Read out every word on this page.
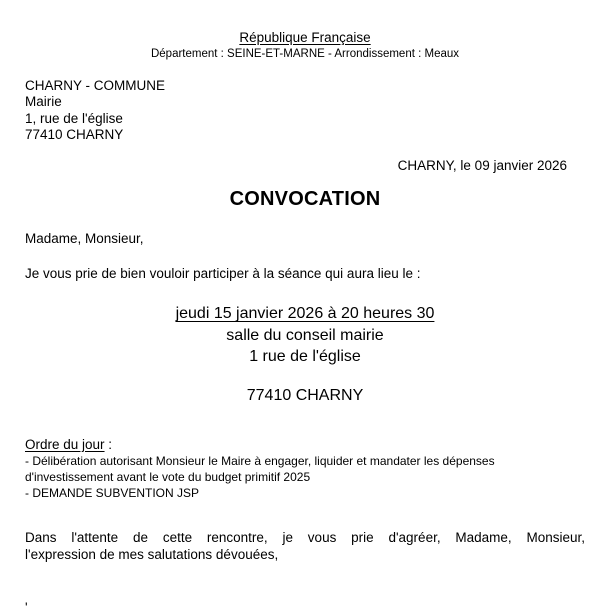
République Française
Département : SEINE-ET-MARNE - Arrondissement : Meaux
CHARNY - COMMUNE
Mairie
1, rue de l'église
77410 CHARNY
CHARNY, le 09 janvier 2026
CONVOCATION
Madame, Monsieur,
Je vous prie de bien vouloir participer à la séance qui aura lieu le :
jeudi 15 janvier 2026 à 20 heures 30
salle du conseil mairie
1 rue de l'église
77410 CHARNY
Ordre du jour :
- Délibération autorisant Monsieur le Maire à engager, liquider et mandater les dépenses d'investissement avant le vote du budget primitif 2025
- DEMANDE SUBVENTION JSP
Dans l'attente de cette rencontre, je vous prie d'agréer, Madame, Monsieur,
l'expression de mes salutations dévouées,
'
